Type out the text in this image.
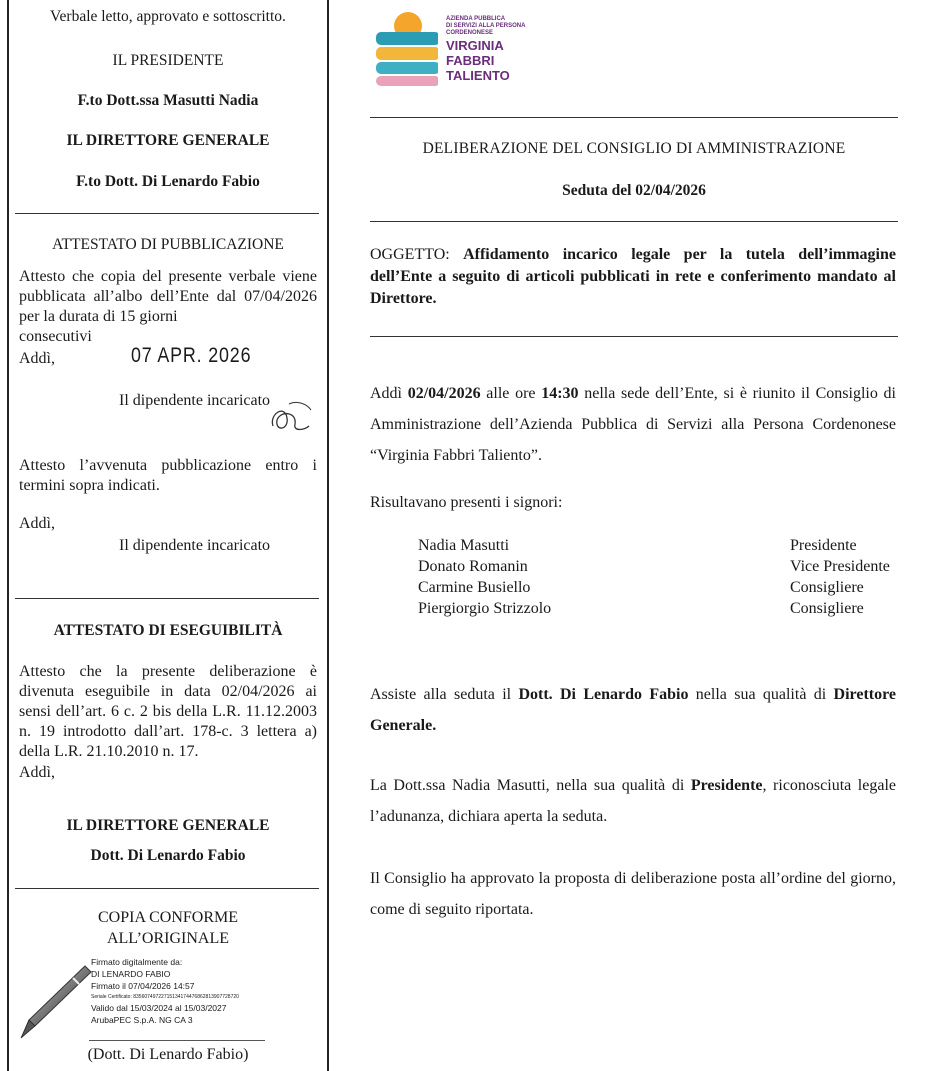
Verbale letto, approvato e sottoscritto.
IL PRESIDENTE
F.to Dott.ssa Masutti Nadia
IL DIRETTORE GENERALE
F.to Dott. Di Lenardo Fabio
ATTESTATO DI PUBBLICAZIONE
Attesto che copia del presente verbale viene pubblicata all’albo dell’Ente dal 07/04/2026 per la durata di 15 giorni
consecutivi
Addì,	07 APR. 2026
Il dipendente incaricato
Attesto l’avvenuta pubblicazione entro i termini sopra indicati.
Addì,
Il dipendente incaricato
ATTESTATO DI ESEGUIBILITÀ
Attesto che la presente deliberazione è divenuta eseguibile in data 02/04/2026 ai sensi dell’art. 6 c. 2 bis della L.R. 11.12.2003 n. 19 introdotto dall’art. 178-c. 3 lettera a) della L.R. 21.10.2010 n. 17.
Addì,
IL DIRETTORE GENERALE
Dott. Di Lenardo Fabio
COPIA CONFORME
ALL’ORIGINALE
Firmato digitalmente da:
DI LENARDO FABIO
Firmato il 07/04/2026 14:57
Seriale Certificato: 83560749722715134174476862813907728720
Valido dal 15/03/2024 al 15/03/2027
ArubaPEC S.p.A. NG CA 3
(Dott. Di Lenardo Fabio)
AZIENDA PUBBLICA
DI SERVIZI ALLA PERSONA
CORDENONESE
VIRGINIA
FABBRI
TALIENTO
DELIBERAZIONE DEL CONSIGLIO DI AMMINISTRAZIONE
Seduta del 02/04/2026
OGGETTO: Affidamento incarico legale per la tutela dell’immagine dell’Ente a seguito di articoli pubblicati in rete e conferimento mandato al Direttore.
Addì 02/04/2026 alle ore 14:30 nella sede dell’Ente, si è riunito il Consiglio di Amministrazione dell’Azienda Pubblica di Servizi alla Persona Cordenonese “Virginia Fabbri Taliento”.
Risultavano presenti i signori:
Nadia Masutti	Presidente
Donato Romanin	Vice Presidente
Carmine Busiello	Consigliere
Piergiorgio Strizzolo	Consigliere
Assiste alla seduta il Dott. Di Lenardo Fabio nella sua qualità di Direttore Generale.
La Dott.ssa Nadia Masutti, nella sua qualità di Presidente, riconosciuta legale l’adunanza, dichiara aperta la seduta.
Il Consiglio ha approvato la proposta di deliberazione posta all’ordine del giorno, come di seguito riportata.
